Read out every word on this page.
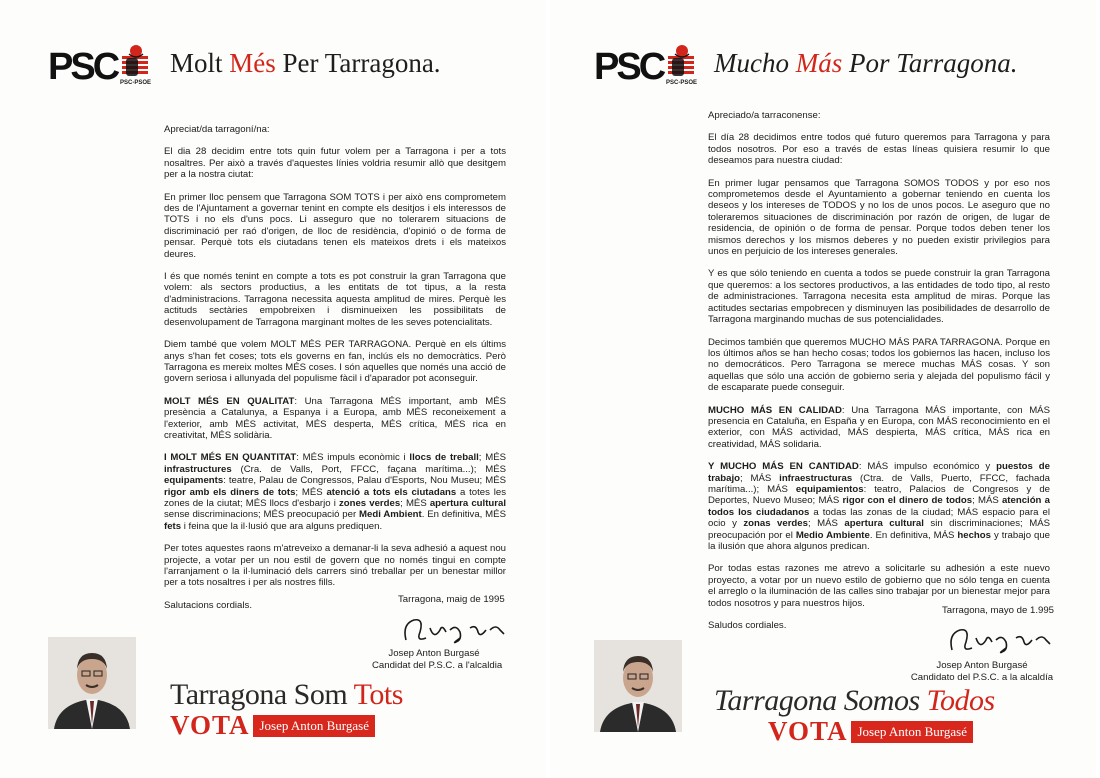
PSC PSC-PSOE
Molt Més Per Tarragona.

Apreciat/da tarragoní/na:

El dia 28 decidim entre tots quin futur volem per a Tarragona i per a tots nosaltres. Per això a través d'aquestes línies voldria resumir allò que desitgem per a la nostra ciutat:

En primer lloc pensem que Tarragona SOM TOTS i per això ens comprometem des de l'Ajuntament a governar tenint en compte els desitjos i els interessos de TOTS i no els d'uns pocs. Li asseguro que no tolerarem situacions de discriminació per raó d'origen, de lloc de residència, d'opinió o de forma de pensar. Perquè tots els ciutadans tenen els mateixos drets i els mateixos deures.

I és que només tenint en compte a tots es pot construir la gran Tarragona que volem: als sectors productius, a les entitats de tot tipus, a la resta d'administracions. Tarragona necessita aquesta amplitud de mires. Perquè les actituds sectàries empobreixen i disminueixen les possibilitats de desenvolupament de Tarragona marginant moltes de les seves potencialitats.

Diem també que volem MOLT MÉS PER TARRAGONA. Perquè en els últims anys s'han fet coses; tots els governs en fan, inclús els no democràtics. Però Tarragona es mereix moltes MÉS coses. I són aquelles que només una acció de govern seriosa i allunyada del populisme fàcil i d'aparador pot aconseguir.

MOLT MÉS EN QUALITAT: Una Tarragona MÉS important, amb MÉS presència a Catalunya, a Espanya i a Europa, amb MÉS reconeixement a l'exterior, amb MÉS activitat, MÉS desperta, MÉS crítica, MÉS rica en creativitat, MÉS solidària.

I MOLT MÉS EN QUANTITAT: MÉS impuls econòmic i llocs de treball; MÉS infrastructures (Cra. de Valls, Port, FFCC, façana marítima...); MÉS equipaments: teatre, Palau de Congressos, Palau d'Esports, Nou Museu; MÉS rigor amb els diners de tots; MÉS atenció a tots els ciutadans a totes les zones de la ciutat; MÉS llocs d'esbarjo i zones verdes; MÉS apertura cultural sense discriminacions; MÉS preocupació per Medi Ambient. En definitiva, MÉS fets i feina que la il·lusió que ara alguns prediquen.

Per totes aquestes raons m'atreveixo a demanar-li la seva adhesió a aquest nou projecte, a votar per un nou estil de govern que no només tingui en compte l'arranjament o la il·luminació dels carrers sinó treballar per un benestar millor per a tots nosaltres i per als nostres fills.

Salutacions cordials.

Tarragona, maig de 1995
Josep Anton Burgasé
Candidat del P.S.C. a l'alcaldia
Tarragona Som Tots
VOTA Josep Anton Burgasé
PSC PSC-PSOE
Mucho Más Por Tarragona.

Apreciado/a tarraconense:

El día 28 decidimos entre todos qué futuro queremos para Tarragona y para todos nosotros. Por eso a través de estas líneas quisiera resumir lo que deseamos para nuestra ciudad:

En primer lugar pensamos que Tarragona SOMOS TODOS y por eso nos comprometemos desde el Ayuntamiento a gobernar teniendo en cuenta los deseos y los intereses de TODOS y no los de unos pocos. Le aseguro que no toleraremos situaciones de discriminación por razón de origen, de lugar de residencia, de opinión o de forma de pensar. Porque todos deben tener los mismos derechos y los mismos deberes y no pueden existir privilegios para unos en perjuicio de los intereses generales.

Y es que sólo teniendo en cuenta a todos se puede construir la gran Tarragona que queremos: a los sectores productivos, a las entidades de todo tipo, al resto de administraciones. Tarragona necesita esta amplitud de miras. Porque las actitudes sectarias empobrecen y disminuyen las posibilidades de desarrollo de Tarragona marginando muchas de sus potencialidades.

Decimos también que queremos MUCHO MÁS PARA TARRAGONA. Porque en los últimos años se han hecho cosas; todos los gobiernos las hacen, incluso los no democráticos. Pero Tarragona se merece muchas MÁS cosas. Y son aquellas que sólo una acción de gobierno seria y alejada del populismo fácil y de escaparate puede conseguir.

MUCHO MÁS EN CALIDAD: Una Tarragona MÁS importante, con MÁS presencia en Cataluña, en España y en Europa, con MÁS reconocimiento en el exterior, con MÁS actividad, MÁS despierta, MÁS crítica, MÁS rica en creatividad, MÁS solidaria.

Y MUCHO MÁS EN CANTIDAD: MÁS impulso económico y puestos de trabajo; MÁS infraestructuras (Ctra. de Valls, Puerto, FFCC, fachada marítima...); MÁS equipamientos: teatro, Palacios de Congresos y de Deportes, Nuevo Museo; MÁS rigor con el dinero de todos; MÁS atención a todos los ciudadanos a todas las zonas de la ciudad; MÁS espacio para el ocio y zonas verdes; MÁS apertura cultural sin discriminaciones; MÁS preocupación por el Medio Ambiente. En definitiva, MÁS hechos y trabajo que la ilusión que ahora algunos predican.

Por todas estas razones me atrevo a solicitarle su adhesión a este nuevo proyecto, a votar por un nuevo estilo de gobierno que no sólo tenga en cuenta el arreglo o la iluminación de las calles sino trabajar por un bienestar mejor para todos nosotros y para nuestros hijos.

Saludos cordiales.

Tarragona, mayo de 1.995
Josep Anton Burgasé
Candidato del P.S.C. a la alcaldía
Tarragona Somos Todos
VOTA Josep Anton Burgasé
